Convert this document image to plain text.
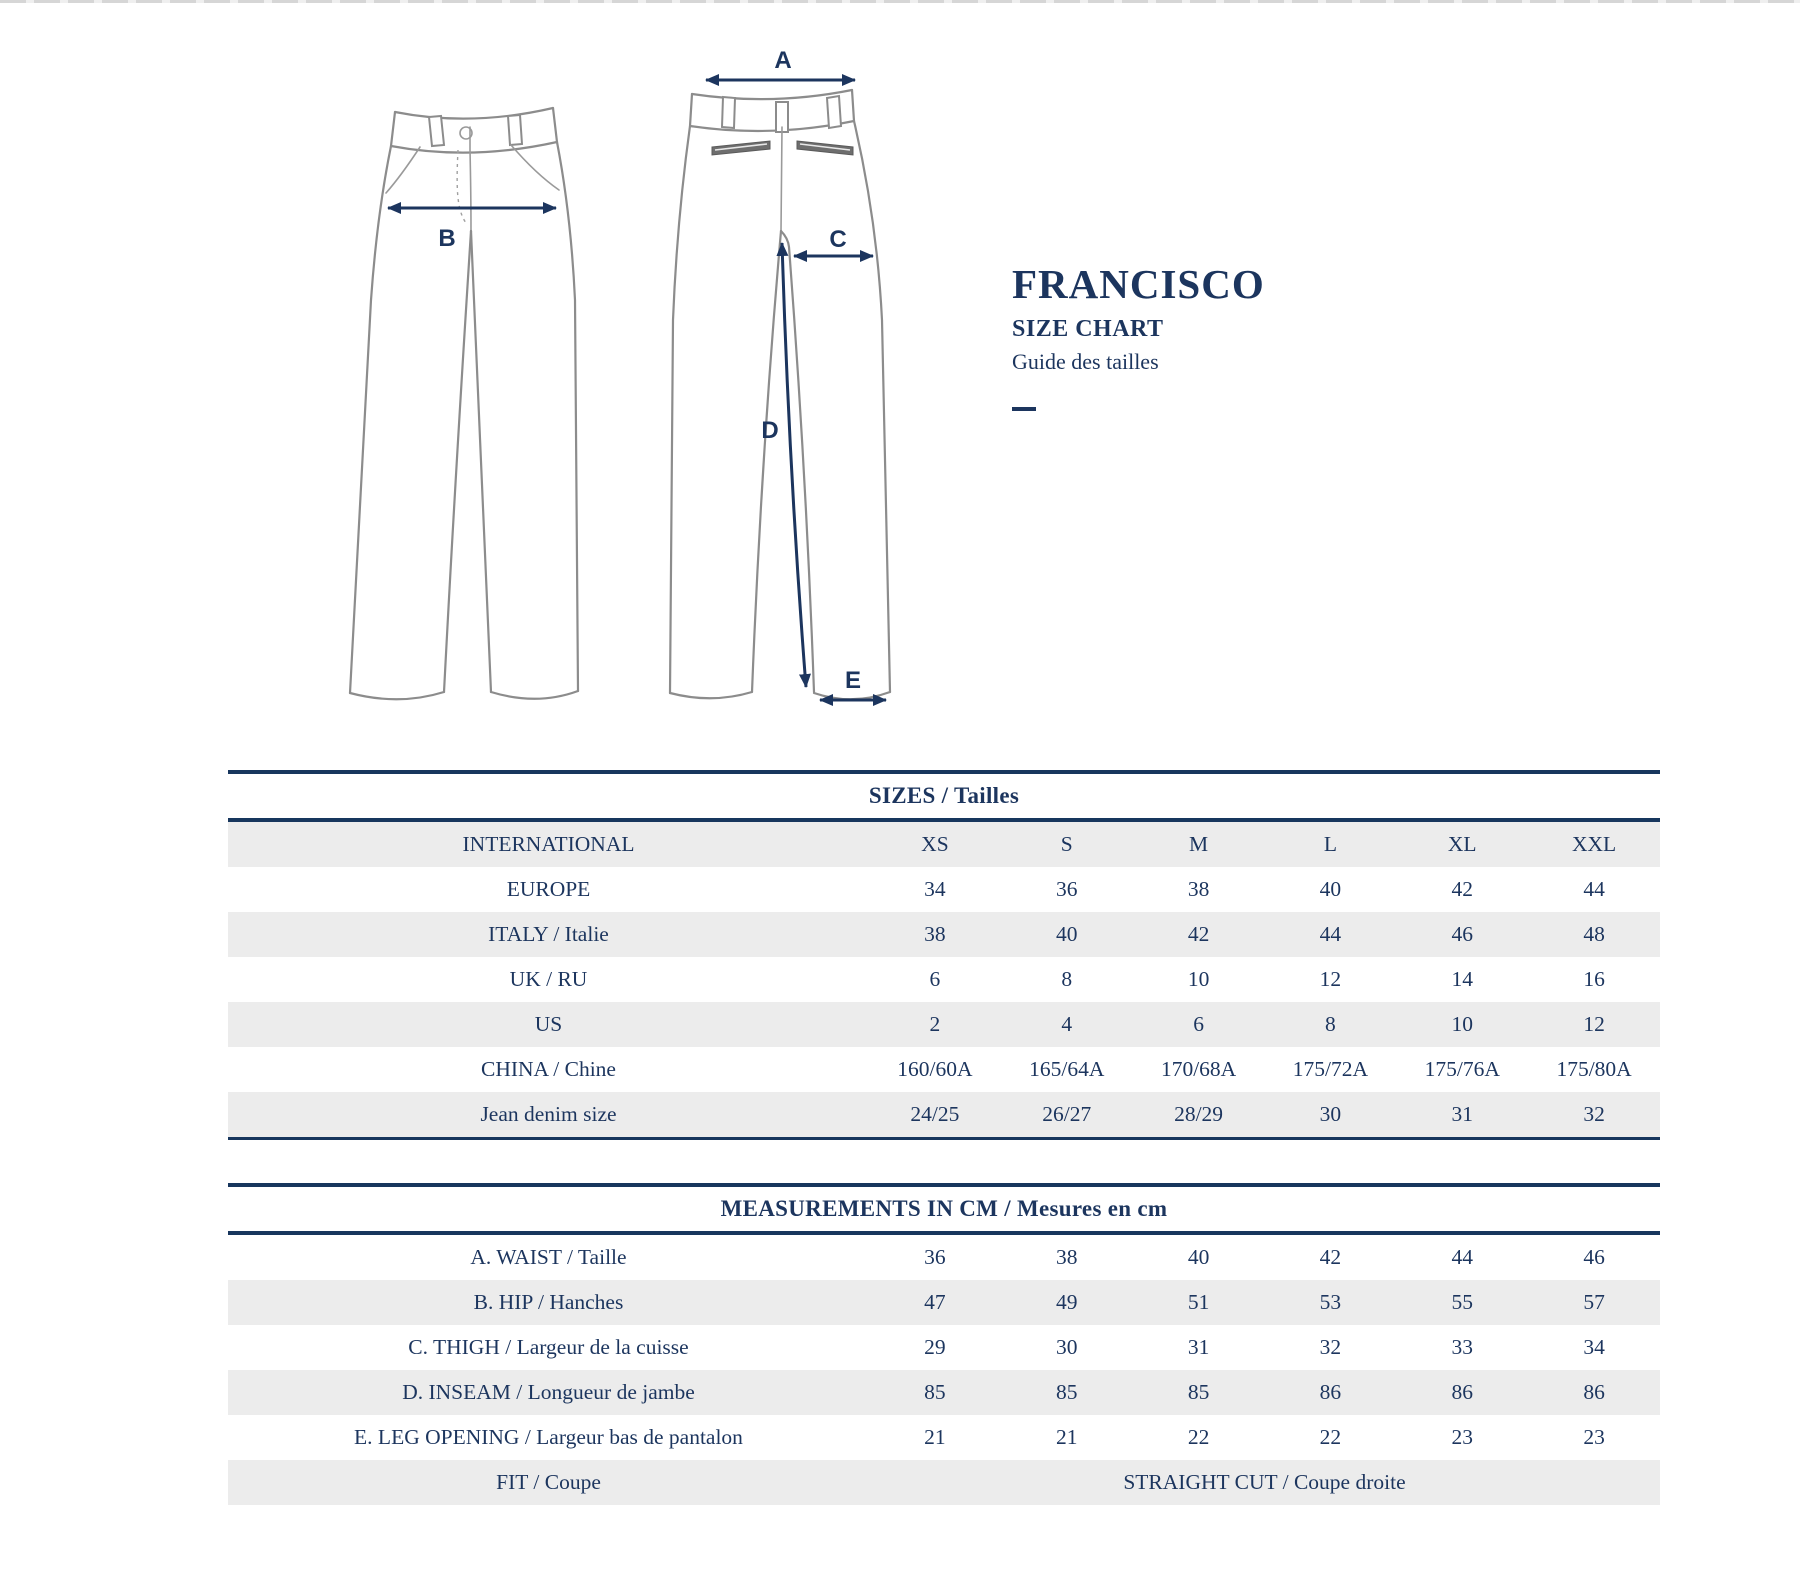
B
A
C
D
E
FRANCISCO
SIZE CHART
Guide des tailles
SIZES / Tailles
INTERNATIONAL	XS	S	M	L	XL	XXL
EUROPE	34	36	38	40	42	44
ITALY / Italie	38	40	42	44	46	48
UK / RU	6	8	10	12	14	16
US	2	4	6	8	10	12
CHINA / Chine	160/60A	165/64A	170/68A	175/72A	175/76A	175/80A
Jean denim size	24/25	26/27	28/29	30	31	32
MEASUREMENTS IN CM / Mesures en cm
A. WAIST / Taille	36	38	40	42	44	46
B. HIP / Hanches	47	49	51	53	55	57
C. THIGH / Largeur de la cuisse	29	30	31	32	33	34
D. INSEAM / Longueur de jambe	85	85	85	86	86	86
E. LEG OPENING / Largeur bas de pantalon	21	21	22	22	23	23
FIT / Coupe	STRAIGHT CUT / Coupe droite
